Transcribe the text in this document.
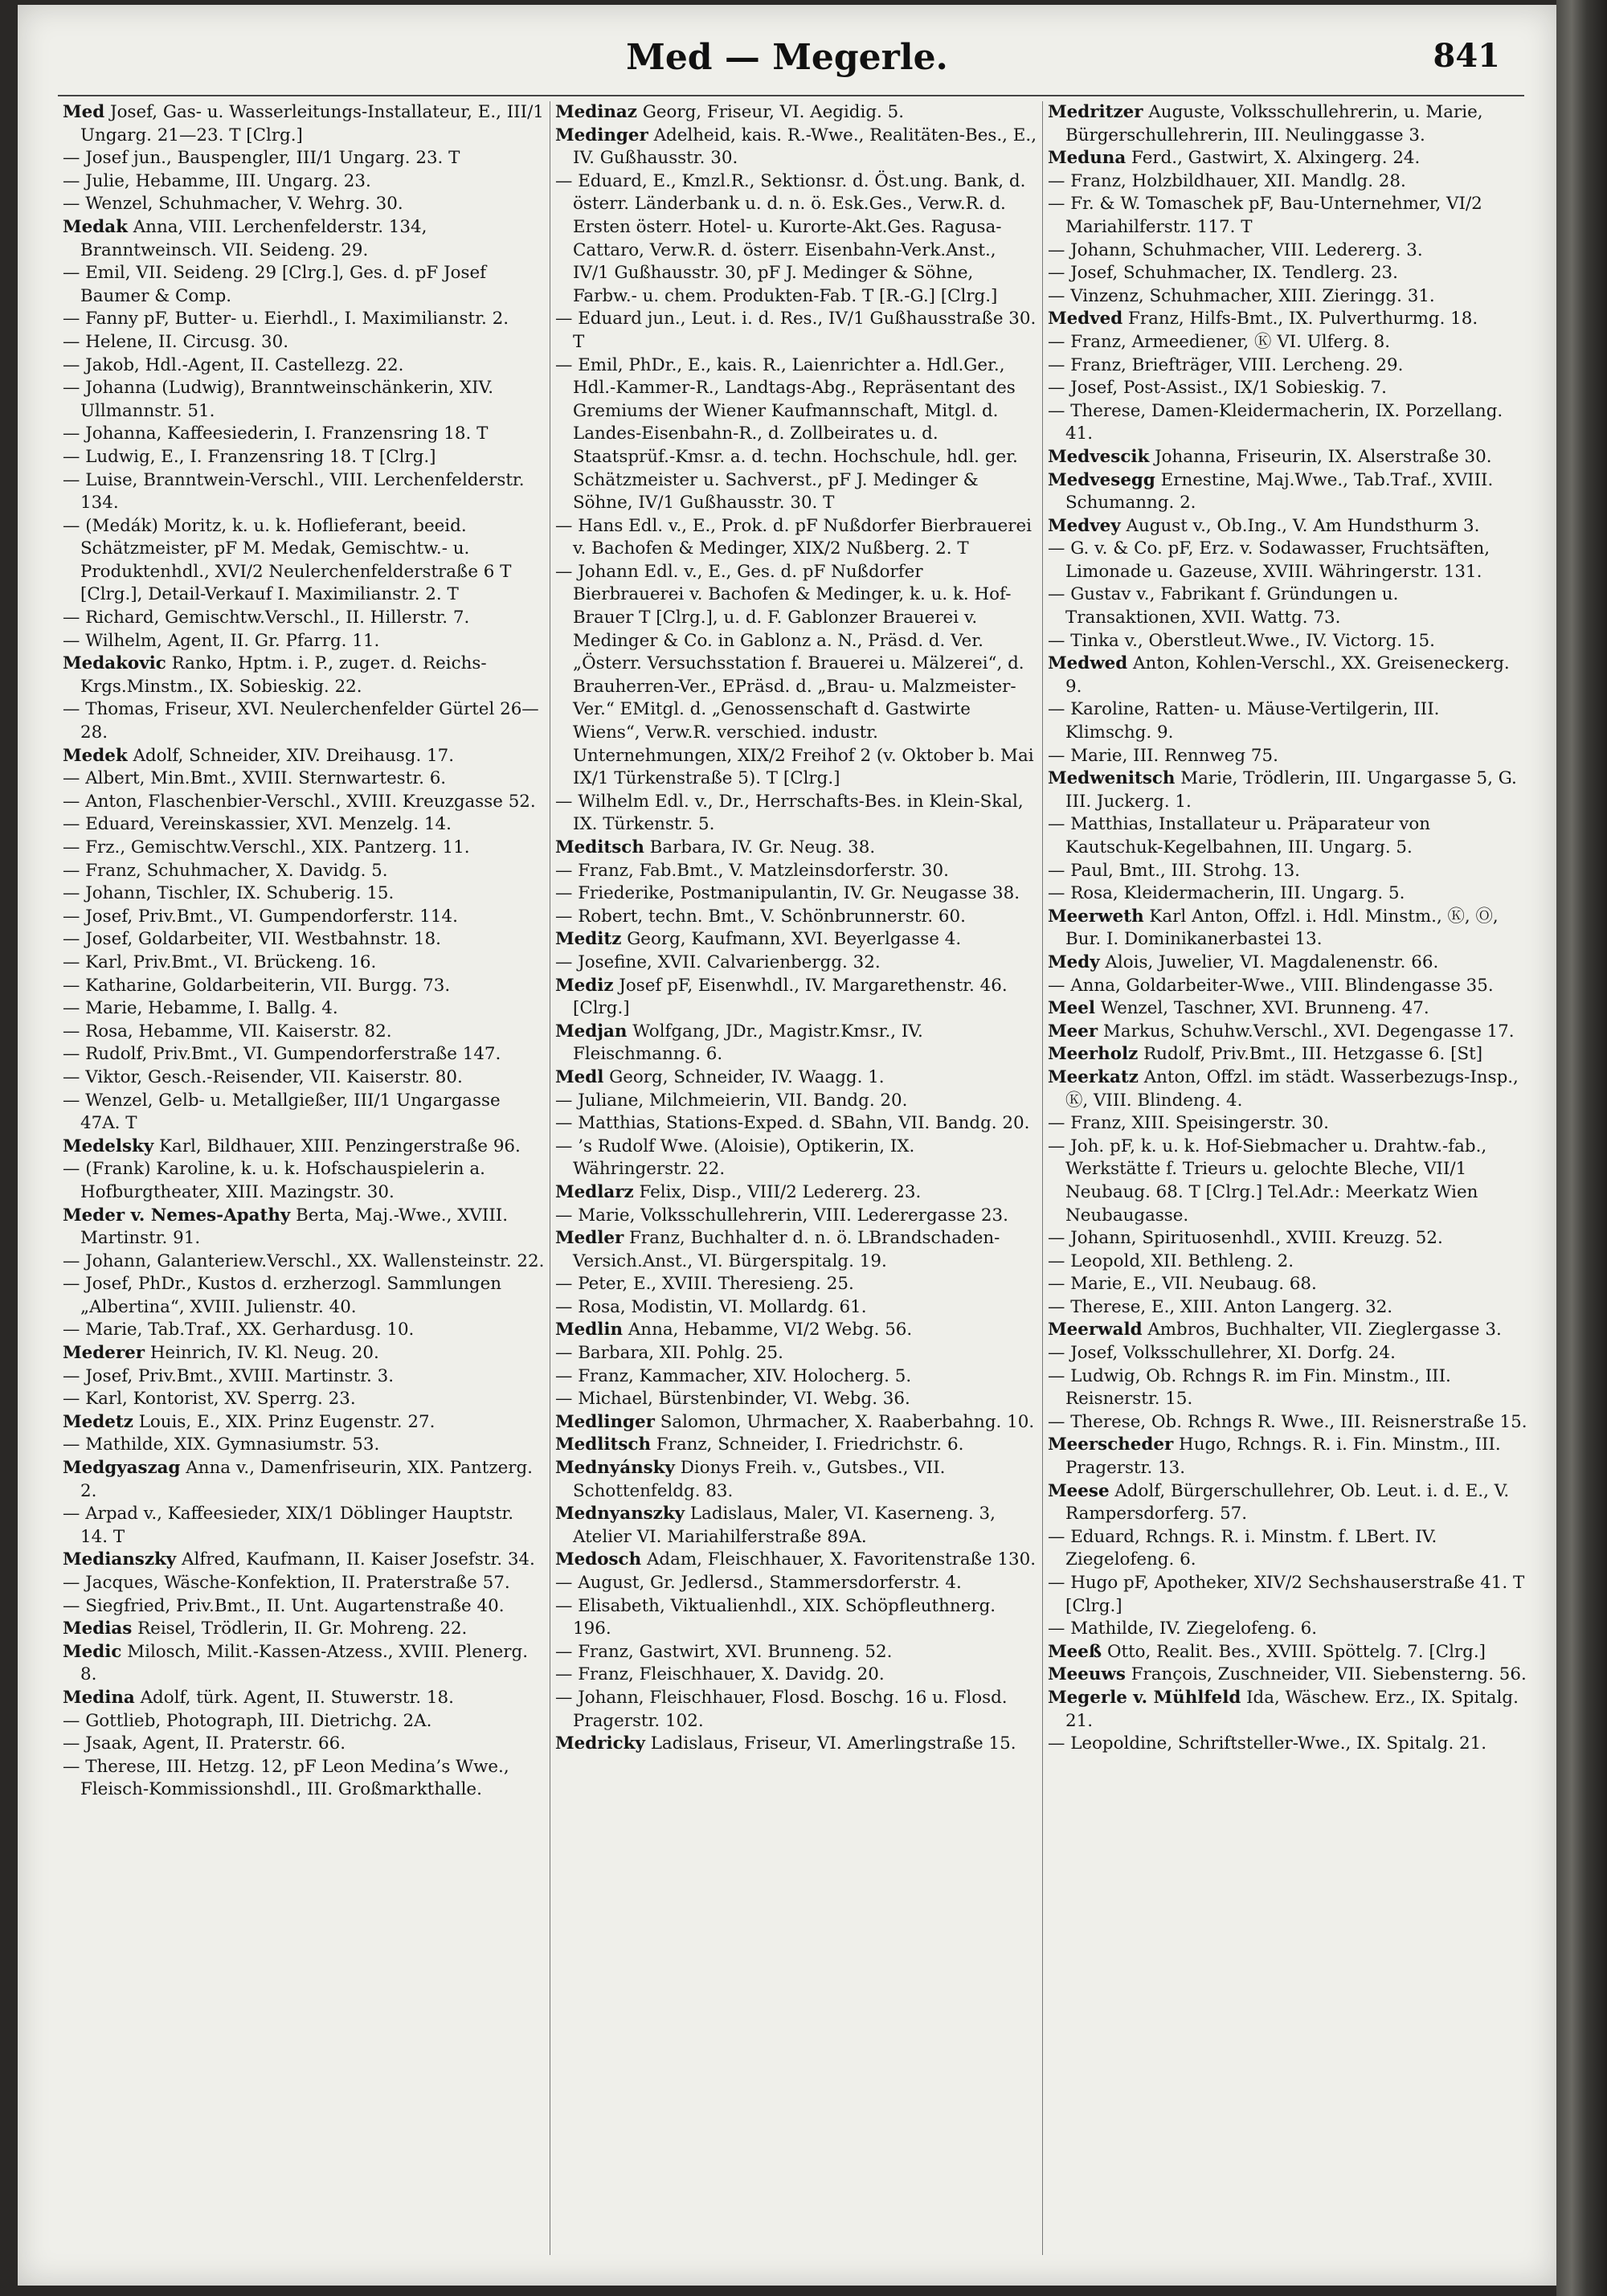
Med — Megerle.	841
Med Josef, Gas- u. Wasserleitungs-Installateur, E., III/1 Ungarg. 21—23. T [Clrg.]
— Josef jun., Bauspengler, III/1 Ungarg. 23. T
— Julie, Hebamme, III. Ungarg. 23.
— Wenzel, Schuhmacher, V. Wehrg. 30.
Medak Anna, VIII. Lerchenfelderstr. 134, Branntweinsch. VII. Seideng. 29.
— Emil, VII. Seideng. 29 [Clrg.], Ges. d. pF Josef Baumer & Comp.
— Fanny pF, Butter- u. Eierhdl., I. Maximilianstr. 2.
— Helene, II. Circusg. 30.
— Jakob, Hdl.-Agent, II. Castellezg. 22.
— Johanna (Ludwig), Branntweinschänkerin, XIV. Ullmannstr. 51.
— Johanna, Kaffeesiederin, I. Franzensring 18. T
— Ludwig, E., I. Franzensring 18. T [Clrg.]
— Luise, Branntwein-Verschl., VIII. Lerchenfelderstr. 134.
— (Medák) Moritz, k. u. k. Hoflieferant, beeid. Schätzmeister, pF M. Medak, Gemischtw.- u. Produktenhdl., XVI/2 Neulerchenfelderstraße 6 T [Clrg.], Detail-Verkauf I. Maximilianstr. 2. T
— Richard, Gemischtw.Verschl., II. Hillerstr. 7.
— Wilhelm, Agent, II. Gr. Pfarrg. 11.
Medakovic Ranko, Hptm. i. P., zugет. d. Reichs-Krgs.Minstm., IX. Sobieskig. 22.
— Thomas, Friseur, XVI. Neulerchenfelder Gürtel 26—28.
Medek Adolf, Schneider, XIV. Dreihausg. 17.
— Albert, Min.Bmt., XVIII. Sternwartestr. 6.
— Anton, Flaschenbier-Verschl., XVIII. Kreuzgasse 52.
— Eduard, Vereinskassier, XVI. Menzelg. 14.
— Frz., Gemischtw.Verschl., XIX. Pantzerg. 11.
— Franz, Schuhmacher, X. Davidg. 5.
— Johann, Tischler, IX. Schuberig. 15.
— Josef, Priv.Bmt., VI. Gumpendorferstr. 114.
— Josef, Goldarbeiter, VII. Westbahnstr. 18.
— Karl, Priv.Bmt., VI. Brückeng. 16.
— Katharine, Goldarbeiterin, VII. Burgg. 73.
— Marie, Hebamme, I. Ballg. 4.
— Rosa, Hebamme, VII. Kaiserstr. 82.
— Rudolf, Priv.Bmt., VI. Gumpendorferstraße 147.
— Viktor, Gesch.-Reisender, VII. Kaiserstr. 80.
— Wenzel, Gelb- u. Metallgießer, III/1 Ungargasse 47A. T
Medelsky Karl, Bildhauer, XIII. Penzingerstraße 96.
— (Frank) Karoline, k. u. k. Hofschauspielerin a. Hofburgtheater, XIII. Mazingstr. 30.
Meder v. Nemes-Apathy Berta, Maj.-Wwe., XVIII. Martinstr. 91.
— Johann, Galanteriew.Verschl., XX. Wallensteinstr. 22.
— Josef, PhDr., Kustos d. erzherzogl. Sammlungen „Albertina“, XVIII. Julienstr. 40.
— Marie, Tab.Traf., XX. Gerhardusg. 10.
Mederer Heinrich, IV. Kl. Neug. 20.
— Josef, Priv.Bmt., XVIII. Martinstr. 3.
— Karl, Kontorist, XV. Sperrg. 23.
Medetz Louis, E., XIX. Prinz Eugenstr. 27.
— Mathilde, XIX. Gymnasiumstr. 53.
Medgyaszag Anna v., Damenfriseurin, XIX. Pantzerg. 2.
— Arpad v., Kaffeesieder, XIX/1 Döblinger Hauptstr. 14. T
Medianszky Alfred, Kaufmann, II. Kaiser Josefstr. 34.
— Jacques, Wäsche-Konfektion, II. Praterstraße 57.
— Siegfried, Priv.Bmt., II. Unt. Augartenstraße 40.
Medias Reisel, Trödlerin, II. Gr. Mohreng. 22.
Medic Milosch, Milit.-Kassen-Atzess., XVIII. Plenerg. 8.
Medina Adolf, türk. Agent, II. Stuwerstr. 18.
— Gottlieb, Photograph, III. Dietrichg. 2A.
— Jsaak, Agent, II. Praterstr. 66.
— Therese, III. Hetzg. 12, pF Leon Medina’s Wwe., Fleisch-Kommissionshdl., III. Großmarkthalle.
Medinaz Georg, Friseur, VI. Aegidig. 5.
Medinger Adelheid, kais. R.-Wwe., Realitäten-Bes., E., IV. Gußhausstr. 30.
— Eduard, E., Kmzl.R., Sektionsr. d. Öst.ung. Bank, d. österr. Länderbank u. d. n. ö. Esk.Ges., Verw.R. d. Ersten österr. Hotel- u. Kurorte-Akt.Ges. Ragusa-Cattaro, Verw.R. d. österr. Eisenbahn-Verk.Anst., IV/1 Gußhausstr. 30, pF J. Medinger & Söhne, Farbw.- u. chem. Produkten-Fab. T [R.-G.] [Clrg.]
— Eduard jun., Leut. i. d. Res., IV/1 Gußhausstraße 30. T
— Emil, PhDr., E., kais. R., Laienrichter a. Hdl.Ger., Hdl.-Kammer-R., Landtags-Abg., Repräsentant des Gremiums der Wiener Kaufmannschaft, Mitgl. d. Landes-Eisenbahn-R., d. Zollbeirates u. d. Staatsprüf.-Kmsr. a. d. techn. Hochschule, hdl. ger. Schätzmeister u. Sachverst., pF J. Medinger & Söhne, IV/1 Gußhausstr. 30. T
— Hans Edl. v., E., Prok. d. pF Nußdorfer Bierbrauerei v. Bachofen & Medinger, XIX/2 Nußberg. 2. T
— Johann Edl. v., E., Ges. d. pF Nußdorfer Bierbrauerei v. Bachofen & Medinger, k. u. k. Hof-Brauer T [Clrg.], u. d. F. Gablonzer Brauerei v. Medinger & Co. in Gablonz a. N., Präsd. d. Ver. „Österr. Versuchsstation f. Brauerei u. Mälzerei“, d. Brauherren-Ver., EPräsd. d. „Brau- u. Malzmeister-Ver.“ EMitgl. d. „Genossenschaft d. Gastwirte Wiens“, Verw.R. verschied. industr. Unternehmungen, XIX/2 Freihof 2 (v. Oktober b. Mai IX/1 Türkenstraße 5). T [Clrg.]
— Wilhelm Edl. v., Dr., Herrschafts-Bes. in Klein-Skal, IX. Türkenstr. 5.
Meditsch Barbara, IV. Gr. Neug. 38.
— Franz, Fab.Bmt., V. Matzleinsdorferstr. 30.
— Friederike, Postmanipulantin, IV. Gr. Neugasse 38.
— Robert, techn. Bmt., V. Schönbrunnerstr. 60.
Meditz Georg, Kaufmann, XVI. Beyerlgasse 4.
— Josefine, XVII. Calvarienbergg. 32.
Mediz Josef pF, Eisenwhdl., IV. Margarethenstr. 46. [Clrg.]
Medjan Wolfgang, JDr., Magistr.Kmsr., IV. Fleischmanng. 6.
Medl Georg, Schneider, IV. Waagg. 1.
— Juliane, Milchmeierin, VII. Bandg. 20.
— Matthias, Stations-Exped. d. SBahn, VII. Bandg. 20.
— ’s Rudolf Wwe. (Aloisie), Optikerin, IX. Währingerstr. 22.
Medlarz Felix, Disp., VIII/2 Ledererg. 23.
— Marie, Volksschullehrerin, VIII. Lederergasse 23.
Medler Franz, Buchhalter d. n. ö. LBrandschaden-Versich.Anst., VI. Bürgerspitalg. 19.
— Peter, E., XVIII. Theresieng. 25.
— Rosa, Modistin, VI. Mollardg. 61.
Medlin Anna, Hebamme, VI/2 Webg. 56.
— Barbara, XII. Pohlg. 25.
— Franz, Kammacher, XIV. Holocherg. 5.
— Michael, Bürstenbinder, VI. Webg. 36.
Medlinger Salomon, Uhrmacher, X. Raaberbahng. 10.
Medlitsch Franz, Schneider, I. Friedrichstr. 6.
Mednyánsky Dionys Freih. v., Gutsbes., VII. Schottenfeldg. 83.
Mednyanszky Ladislaus, Maler, VI. Kaserneng. 3, Atelier VI. Mariahilferstraße 89A.
Medosch Adam, Fleischhauer, X. Favoritenstraße 130.
— August, Gr. Jedlersd., Stammersdorferstr. 4.
— Elisabeth, Viktualienhdl., XIX. Schöpfleuthnerg. 196.
— Franz, Gastwirt, XVI. Brunneng. 52.
— Franz, Fleischhauer, X. Davidg. 20.
— Johann, Fleischhauer, Flosd. Boschg. 16 u. Flosd. Pragerstr. 102.
Medricky Ladislaus, Friseur, VI. Amerlingstraße 15.
Medritzer Auguste, Volksschullehrerin, u. Marie, Bürgerschullehrerin, III. Neulinggasse 3.
Meduna Ferd., Gastwirt, X. Alxingerg. 24.
— Franz, Holzbildhauer, XII. Mandlg. 28.
— Fr. & W. Tomaschek pF, Bau-Unternehmer, VI/2 Mariahilferstr. 117. T
— Johann, Schuhmacher, VIII. Ledererg. 3.
— Josef, Schuhmacher, IX. Tendlerg. 23.
— Vinzenz, Schuhmacher, XIII. Zieringg. 31.
Medved Franz, Hilfs-Bmt., IX. Pulverthurmg. 18.
— Franz, Armeediener, Ⓚ VI. Ulferg. 8.
— Franz, Briefträger, VIII. Lercheng. 29.
— Josef, Post-Assist., IX/1 Sobieskig. 7.
— Therese, Damen-Kleidermacherin, IX. Porzellang. 41.
Medvescik Johanna, Friseurin, IX. Alserstraße 30.
Medvesegg Ernestine, Maj.Wwe., Tab.Traf., XVIII. Schumanng. 2.
Medvey August v., Ob.Ing., V. Am Hundsthurm 3.
— G. v. & Co. pF, Erz. v. Sodawasser, Fruchtsäften, Limonade u. Gazeuse, XVIII. Währingerstr. 131.
— Gustav v., Fabrikant f. Gründungen u. Transaktionen, XVII. Wattg. 73.
— Tinka v., Oberstleut.Wwe., IV. Victorg. 15.
Medwed Anton, Kohlen-Verschl., XX. Greiseneckerg. 9.
— Karoline, Ratten- u. Mäuse-Vertilgerin, III. Klimschg. 9.
— Marie, III. Rennweg 75.
Medwenitsch Marie, Trödlerin, III. Ungargasse 5, G. III. Juckerg. 1.
— Matthias, Installateur u. Präparateur von Kautschuk-Kegelbahnen, III. Ungarg. 5.
— Paul, Bmt., III. Strohg. 13.
— Rosa, Kleidermacherin, III. Ungarg. 5.
Meerweth Karl Anton, Offzl. i. Hdl. Minstm., Ⓚ, Ⓞ, Bur. I. Dominikanerbastei 13.
Medy Alois, Juwelier, VI. Magdalenenstr. 66.
— Anna, Goldarbeiter-Wwe., VIII. Blindengasse 35.
Meel Wenzel, Taschner, XVI. Brunneng. 47.
Meer Markus, Schuhw.Verschl., XVI. Degengasse 17.
Meerholz Rudolf, Priv.Bmt., III. Hetzgasse 6. [St]
Meerkatz Anton, Offzl. im städt. Wasserbezugs-Insp., Ⓚ, VIII. Blindeng. 4.
— Franz, XIII. Speisingerstr. 30.
— Joh. pF, k. u. k. Hof-Siebmacher u. Drahtw.-fab., Werkstätte f. Trieurs u. gelochte Bleche, VII/1 Neubaug. 68. T [Clrg.] Tel.Adr.: Meerkatz Wien Neubaugasse.
— Johann, Spirituosenhdl., XVIII. Kreuzg. 52.
— Leopold, XII. Bethleng. 2.
— Marie, E., VII. Neubaug. 68.
— Therese, E., XIII. Anton Langerg. 32.
Meerwald Ambros, Buchhalter, VII. Zieglergasse 3.
— Josef, Volksschullehrer, XI. Dorfg. 24.
— Ludwig, Ob. Rchngs R. im Fin. Minstm., III. Reisnerstr. 15.
— Therese, Ob. Rchngs R. Wwe., III. Reisnerstraße 15.
Meerscheder Hugo, Rchngs. R. i. Fin. Minstm., III. Pragerstr. 13.
Meese Adolf, Bürgerschullehrer, Ob. Leut. i. d. E., V. Rampersdorferg. 57.
— Eduard, Rchngs. R. i. Minstm. f. LBert. IV. Ziegelofeng. 6.
— Hugo pF, Apotheker, XIV/2 Sechshauserstraße 41. T [Clrg.]
— Mathilde, IV. Ziegelofeng. 6.
Meeß Otto, Realit. Bes., XVIII. Spöttelg. 7. [Clrg.]
Meeuws François, Zuschneider, VII. Siebensterng. 56.
Megerle v. Mühlfeld Ida, Wäschew. Erz., IX. Spitalg. 21.
— Leopoldine, Schriftsteller-Wwe., IX. Spitalg. 21.
